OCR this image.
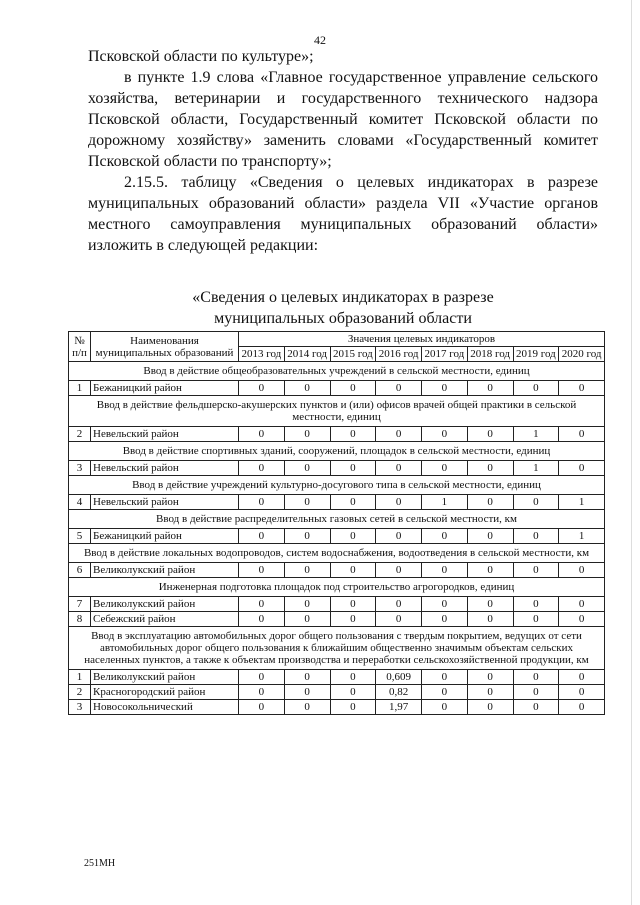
42

Псковской области по культуре»;

в пункте 1.9 слова «Главное государственное управление сельского хозяйства, ветеринарии и государственного технического надзора Псковской области, Государственный комитет Псковской области по дорожному хозяйству» заменить словами «Государственный комитет Псковской области по транспорту»;

2.15.5. таблицу «Сведения о целевых индикаторах в разрезе муниципальных образований области» раздела VII «Участие органов местного самоуправления муниципальных образований области» изложить в следующей редакции:

«Сведения о целевых индикаторах в разрезе
муниципальных образований области
№ п/п	Наименования муниципальных образований	Значения целевых индикаторов							
		2013 год	2014 год	2015 год	2016 год	2017 год	2018 год	2019 год	2020 год
Ввод в действие общеобразовательных учреждений в сельской местности, единиц									
1	Бежаницкий район	0	0	0	0	0	0	0	0
Ввод в действие фельдшерско-акушерских пунктов и (или) офисов врачей общей практики в сельской местности, единиц									
2	Невельский район	0	0	0	0	0	0	1	0
Ввод в действие спортивных зданий, сооружений, площадок в сельской местности, единиц									
3	Невельский район	0	0	0	0	0	0	1	0
Ввод в действие учреждений культурно-досугового типа в сельской местности, единиц									
4	Невельский район	0	0	0	0	1	0	0	1
Ввод в действие распределительных газовых сетей в сельской местности, км									
5	Бежаницкий район	0	0	0	0	0	0	0	1
Ввод в действие локальных водопроводов, систем водоснабжения, водоотведения в сельской местности, км									
6	Великолукский район	0	0	0	0	0	0	0	0
Инженерная подготовка площадок под строительство агрогородков, единиц									
7	Великолукский район	0	0	0	0	0	0	0	0
8	Себежский район	0	0	0	0	0	0	0	0
Ввод в эксплуатацию автомобильных дорог общего пользования с твердым покрытием, ведущих от сети автомобильных дорог общего пользования к ближайшим общественно значимым объектам сельских населенных пунктов, а также к объектам производства и переработки сельскохозяйственной продукции, км									
1	Великолукский район	0	0	0	0,609	0	0	0	0
2	Красногородский район	0	0	0	0,82	0	0	0	0
3	Новосокольнический	0	0	0	1,97	0	0	0	0
251МН
